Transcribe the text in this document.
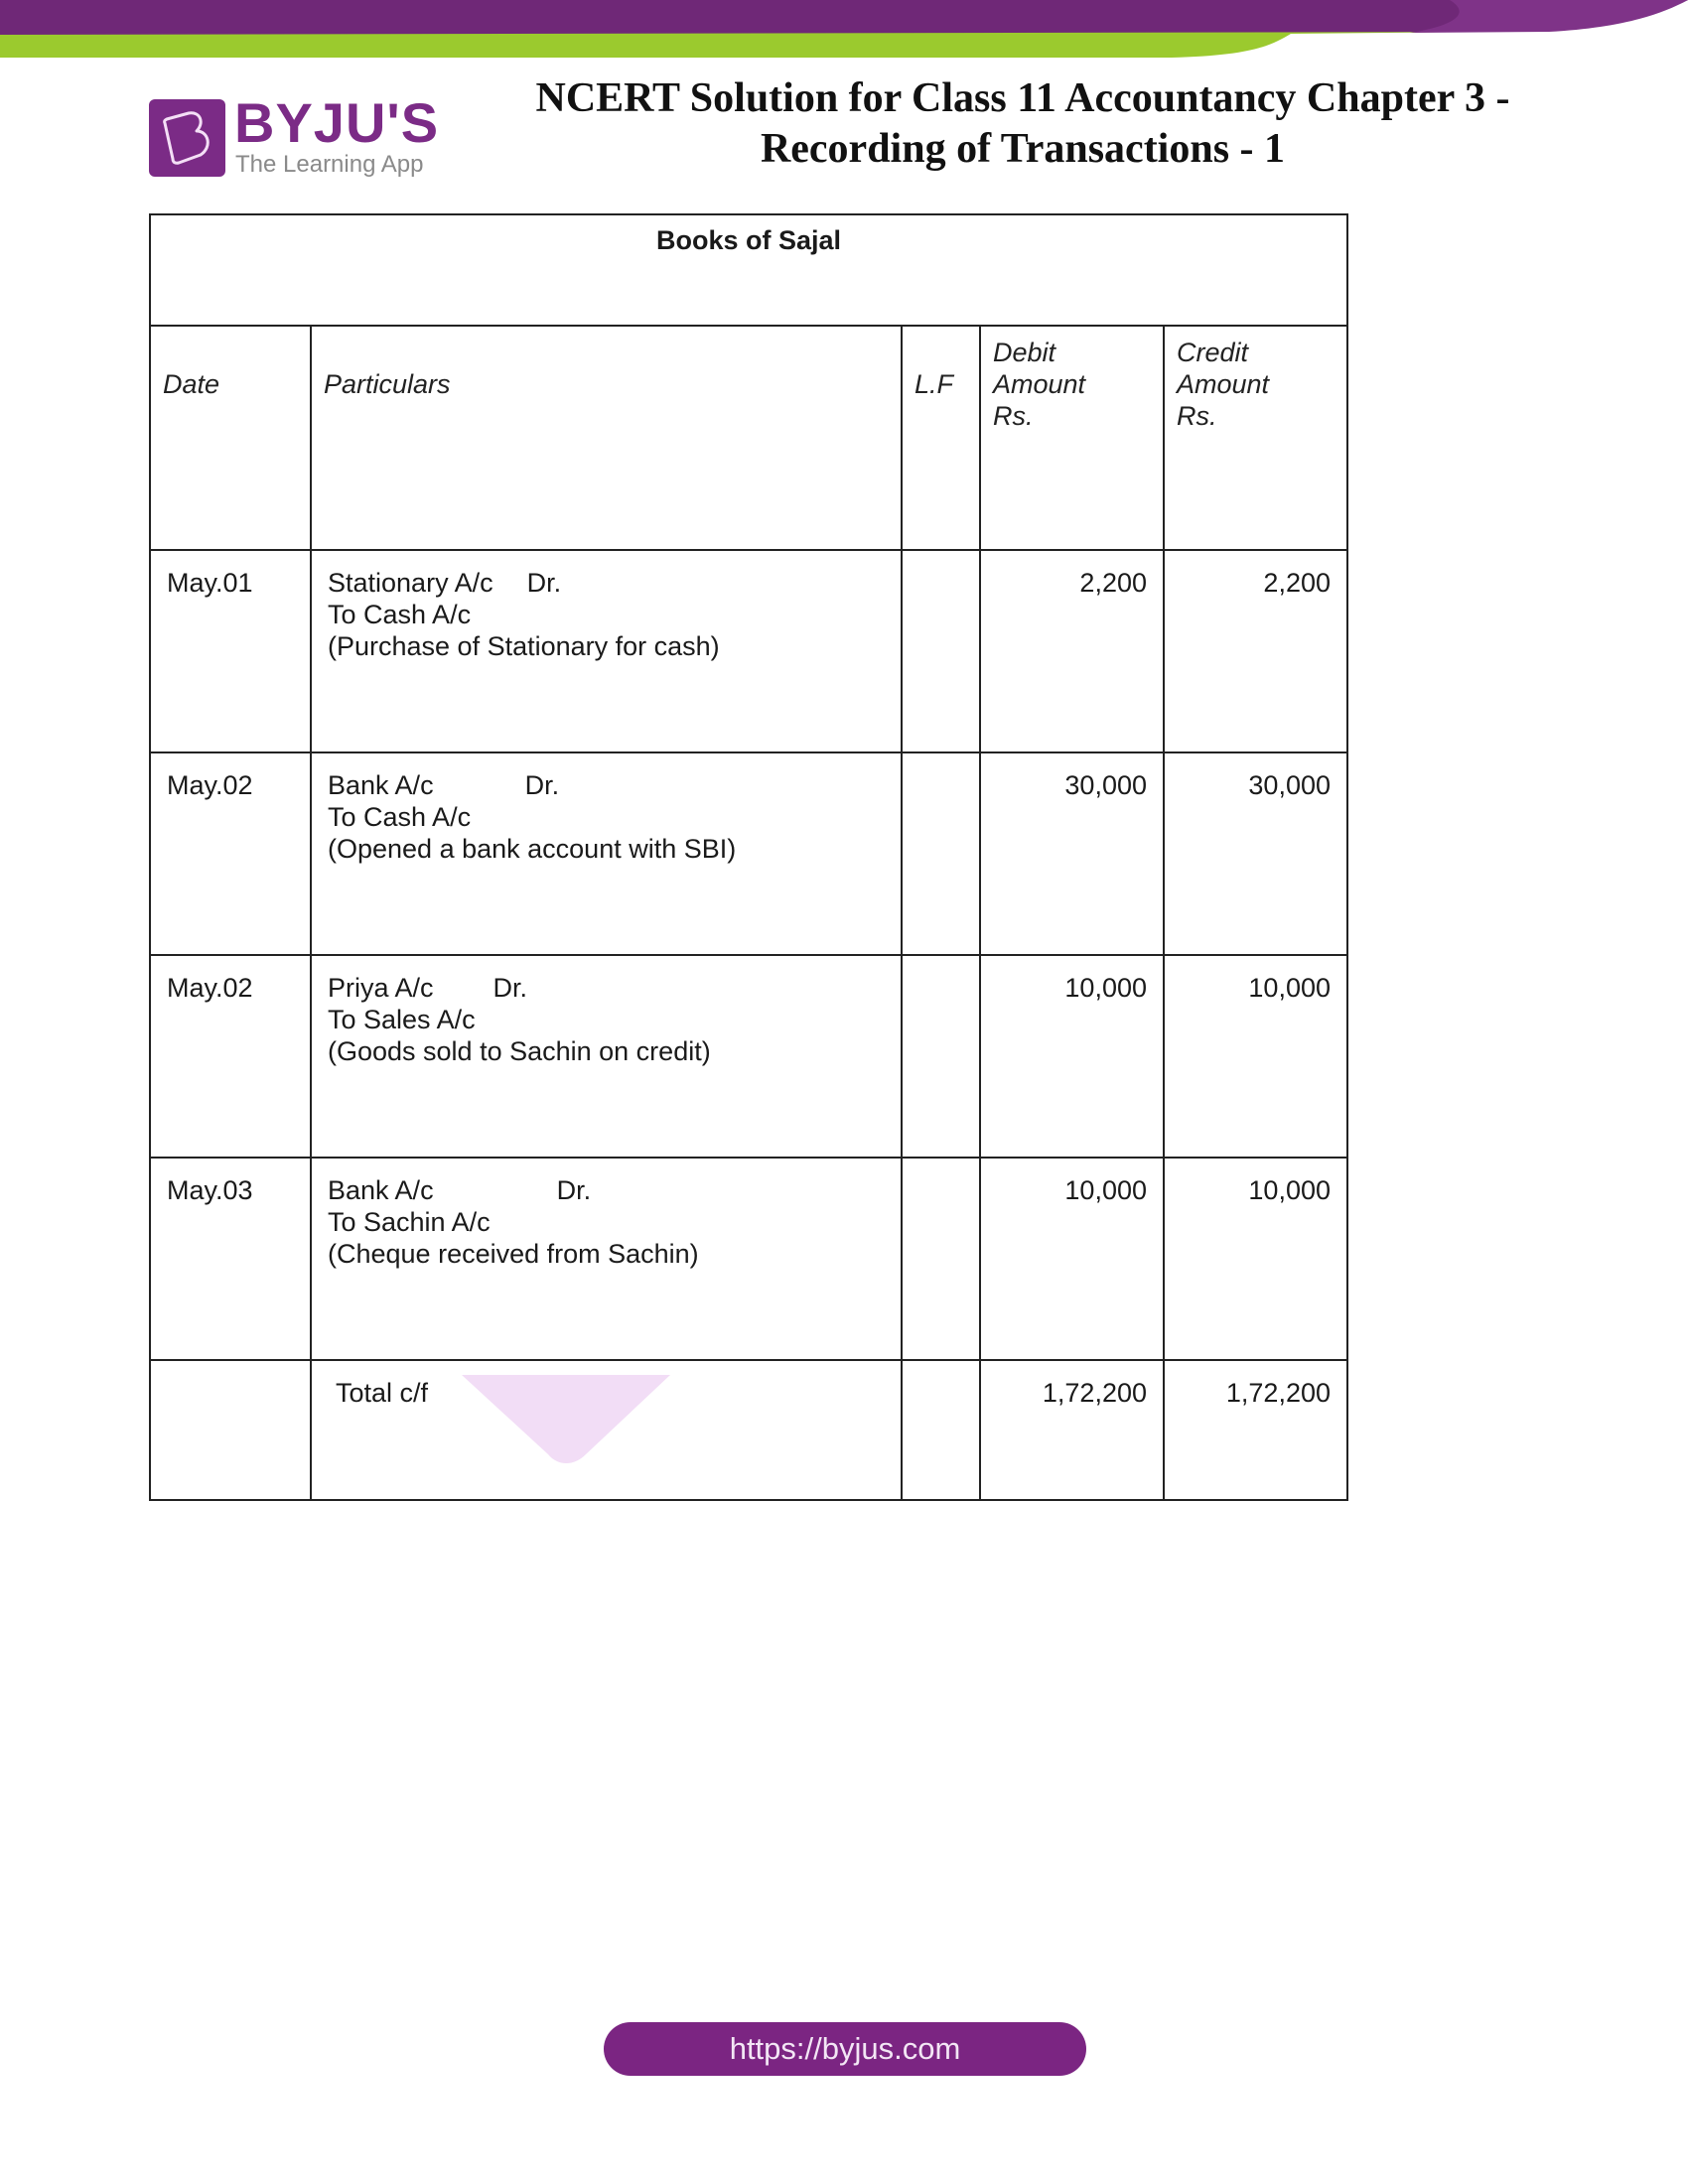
BYJU'S
The Learning App
NCERT Solution for Class 11 Accountancy Chapter 3 -
Recording of Transactions - 1
Books of Sajal				
Date	Particulars	L.F	Debit
Amount
Rs.	Credit
Amount
Rs.

May.01	Stationary A/c Dr.
To Cash A/c
(Purchase of Stationary for cash)		2,200	2,200
May.02	Bank A/c Dr.
To Cash A/c
(Opened a bank account with SBI)		30,000	30,000
May.02	Priya A/c Dr.
To Sales A/c
(Goods sold to Sachin on credit)		10,000	10,000
May.03	Bank A/c Dr.
To Sachin A/c
(Cheque received from Sachin)		10,000	10,000
	Total c/f		1,72,200	1,72,200
https://byjus.com
